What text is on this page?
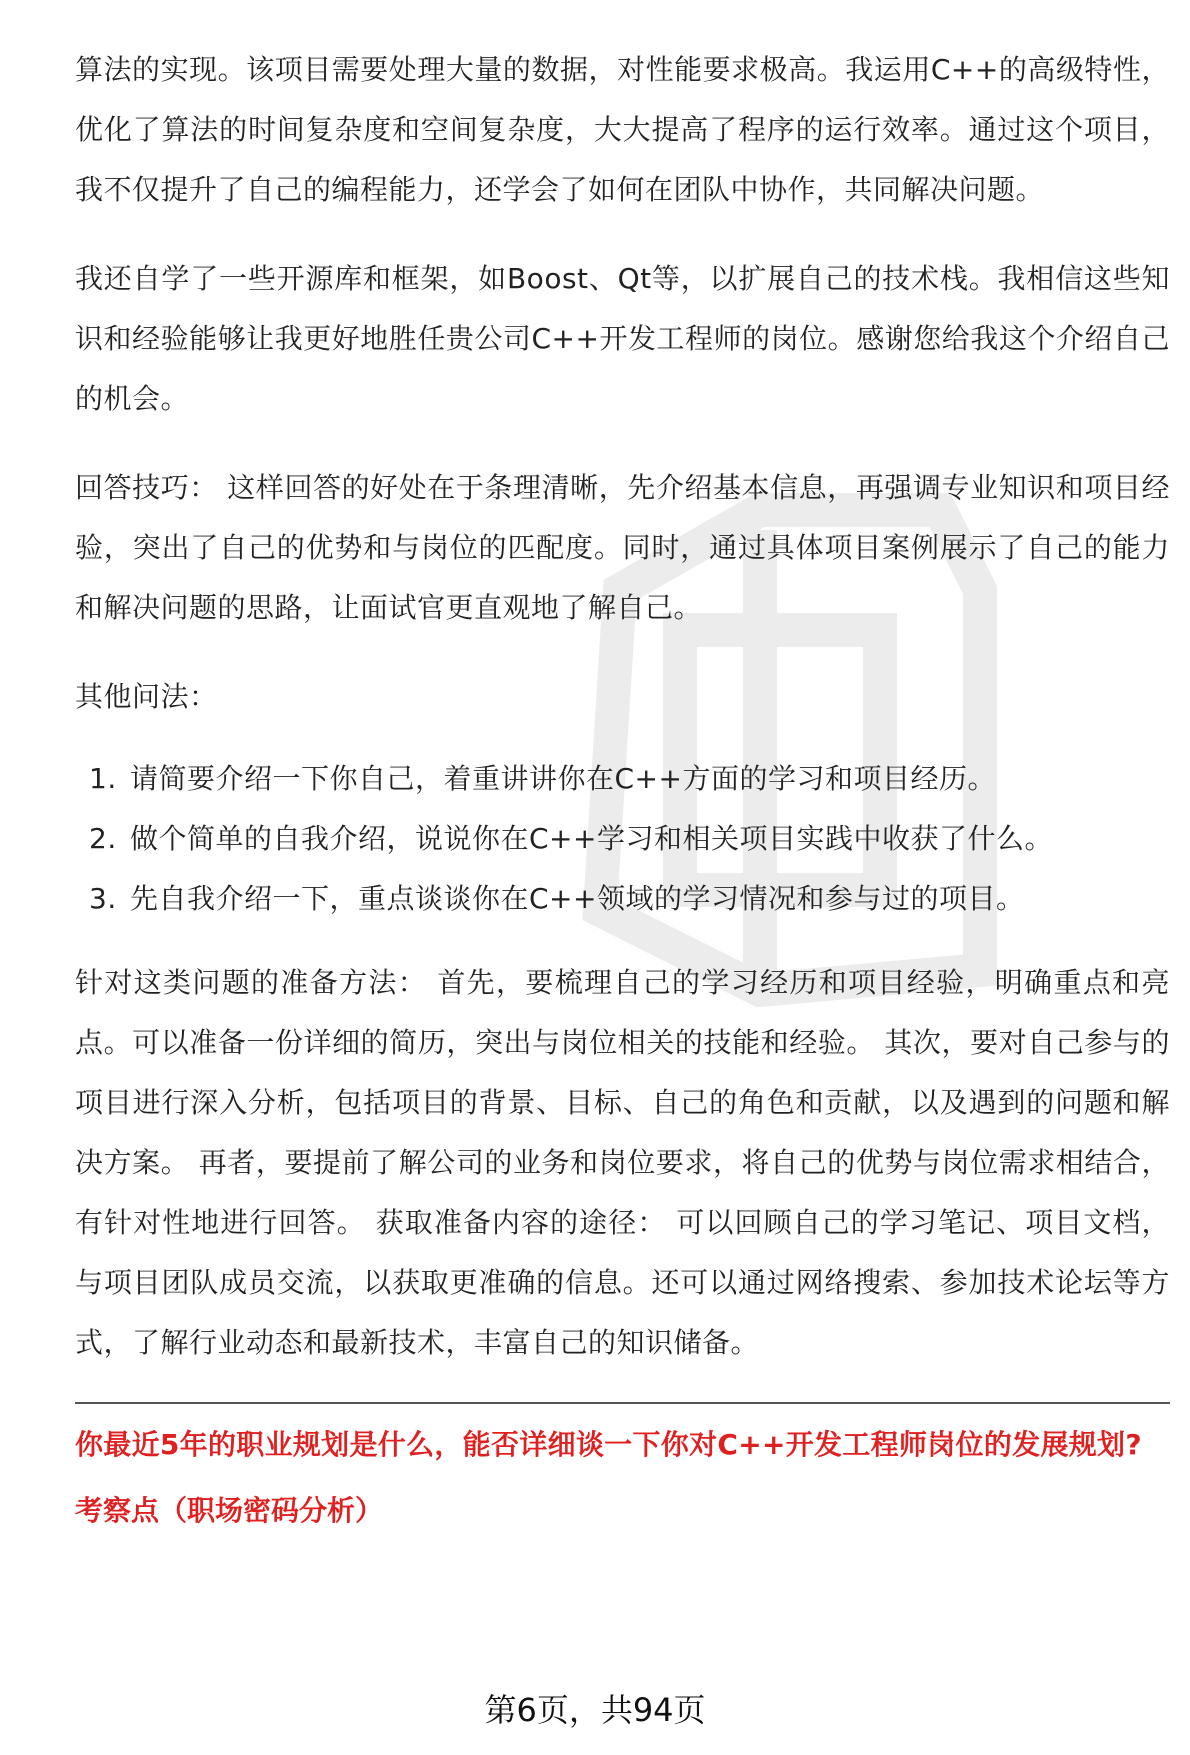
算法的实现。该项目需要处理大量的数据，对性能要求极高。我运用C++的高级特性，优化了算法的时间复杂度和空间复杂度，大大提高了程序的运行效率。通过这个项目，我不仅提升了自己的编程能力，还学会了如何在团队中协作，共同解决问题。

我还自学了一些开源库和框架，如Boost、Qt等，以扩展自己的技术栈。我相信这些知识和经验能够让我更好地胜任贵公司C++开发工程师的岗位。感谢您给我这个介绍自己的机会。

回答技巧： 这样回答的好处在于条理清晰，先介绍基本信息，再强调专业知识和项目经验，突出了自己的优势和与岗位的匹配度。同时，通过具体项目案例展示了自己的能力和解决问题的思路，让面试官更直观地了解自己。

其他问法：

1. 请简要介绍一下你自己，着重讲讲你在C++方面的学习和项目经历。
2. 做个简单的自我介绍，说说你在C++学习和相关项目实践中收获了什么。
3. 先自我介绍一下，重点谈谈你在C++领域的学习情况和参与过的项目。

针对这类问题的准备方法： 首先，要梳理自己的学习经历和项目经验，明确重点和亮点。可以准备一份详细的简历，突出与岗位相关的技能和经验。 其次，要对自己参与的项目进行深入分析，包括项目的背景、目标、自己的角色和贡献，以及遇到的问题和解决方案。 再者，要提前了解公司的业务和岗位要求，将自己的优势与岗位需求相结合，有针对性地进行回答。 获取准备内容的途径： 可以回顾自己的学习笔记、项目文档，与项目团队成员交流，以获取更准确的信息。还可以通过网络搜索、参加技术论坛等方式，了解行业动态和最新技术，丰富自己的知识储备。

你最近5年的职业规划是什么，能否详细谈一下你对C++开发工程师岗位的发展规划?
考察点（职场密码分析）
第6页，共94页
